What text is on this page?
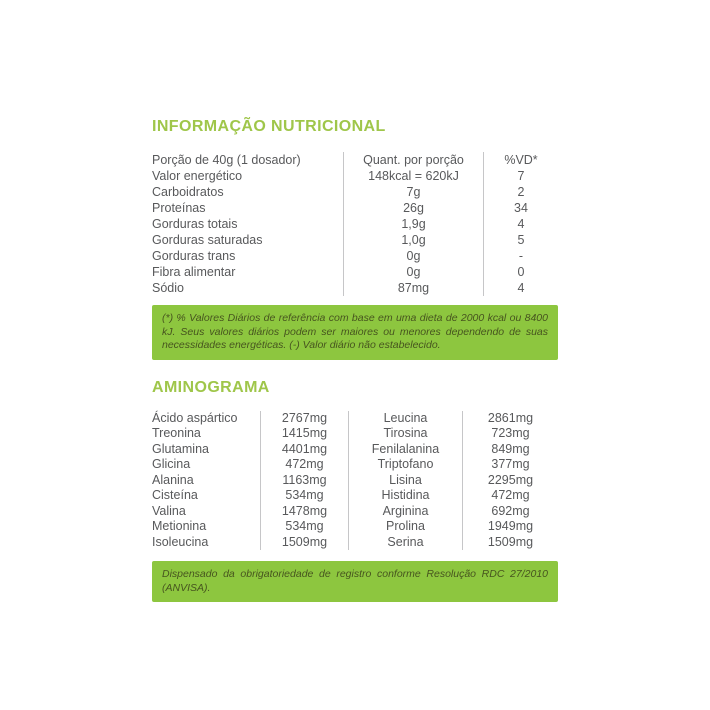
INFORMAÇÃO NUTRICIONAL
Porção de 40g (1 dosador)	Quant. por porção	%VD*
Valor energético	148kcal = 620kJ	7
Carboidratos	7g	2
Proteínas	26g	34
Gorduras totais	1,9g	4
Gorduras saturadas	1,0g	5
Gorduras trans	0g	-
Fibra alimentar	0g	0
Sódio	87mg	4
(*) % Valores Diários de referência com base em uma dieta de 2000 kcal ou 8400 kJ. Seus valores diários podem ser maiores ou menores dependendo de suas necessidades energéticas. (-) Valor diário não estabelecido.
AMINOGRAMA
Ácido aspártico	2767mg	Leucina	2861mg
Treonina	1415mg	Tirosina	723mg
Glutamina	4401mg	Fenilalanina	849mg
Glicina	472mg	Triptofano	377mg
Alanina	1163mg	Lisina	2295mg
Cisteína	534mg	Histidina	472mg
Valina	1478mg	Arginina	692mg
Metionina	534mg	Prolina	1949mg
Isoleucina	1509mg	Serina	1509mg
Dispensado da obrigatoriedade de registro conforme Resolução RDC 27/2010 (ANVISA).
